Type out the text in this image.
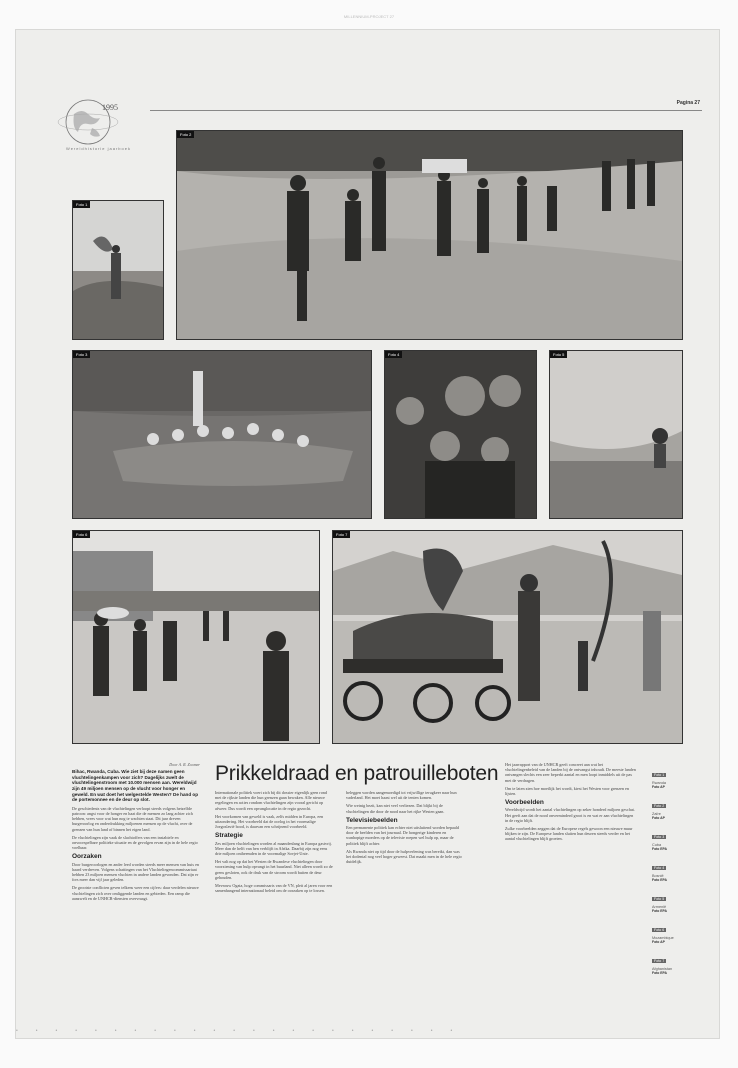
MILLENNIUM-PROJECT 27
1995
Wereldhistorie jaarboek
Pagina 27
Foto 1
Foto 2
Foto 3	Foto 4	Foto 5
Foto 6	Foto 7
Prikkeldraad en patrouilleboten
Door A. R. Zoomer

Bihac, Rwanda, Cuba. Wie ziet bij deze namen geen vluchtelingenkampen voor zich? Dagelijks zwelt de vluchtelingenstroom met 10.000 mensen aan. Wereldwijd zijn 49 miljoen mensen op de vlucht voor honger en geweld. En wat doet het welgestelde Westen? De hand op de portemonnee en de deur op slot.

De geschiedenis van de vluchtelingen verloopt steeds volgens hetzelfde patroon: angst voor de honger en haat die de mensen zo lang achter zich hebben, vrees voor wat hun nog te wachten staat. Dit jaar dreven burgeroorlog en onderdrukking miljoenen mensen op de vlucht, over de grenzen van hun land of binnen het eigen land.

De vluchtelingen zijn vaak de slachtoffers van een instabiele en onvoorspelbare politieke situatie en de gevolgen ervan zijn in de hele regio voelbaar.

Oorzaken

Door burgeroorlogen en ander leed worden steeds meer mensen van huis en haard verdreven. Volgens schattingen van het Vluchtelingencommissariaat hebben 23 miljoen mensen vluchten in andere landen gevonden. Dat zijn er fors meer dan vijf jaar geleden.

De grootste conflicten geven telkens weer een cijfers: daar verdelen nieuwe vluchtelingen zich over omliggende landen en gebieden. Een ramp die aanzwelt en de UNHCR-diensten overvraagt.

Internationale politiek voert zich bij dit dossier eigenlijk geen rond met de rijkste landen die hun grenzen gaan bewaken. Alle nieuwe regelingen en acties rondom vluchtelingen zijn vooral gericht op afweer. Dus wordt een opvanglocatie in de regio gezocht.

Het voorkomen van geweld is vaak, zelfs midden in Europa, een uitzondering. Het voorbeeld dat de oorlog in het voormalige Joegoslavië bood, is daarvan een schrijnend voorbeeld.

Strategie

Zes miljoen vluchtelingen worden al maandenlang in Europa gastvrij. Meer dan de helft van hen verblijft in Afrika. Daarbij zijn nog eens drie miljoen ontheemden in de voormalige Sovjet-Unie.

Het valt nog op dat het Westen de Rwandese vluchtelingen door voorziening van hulp opvangt in het buurland. Niet alleen wordt zo de grens gesloten, ook de druk van de stroom wordt buiten de deur gehouden.

Mevrouw Ogata, hoge commissaris van de VN, pleit al jaren voor een samenhangend internationaal beleid om de oorzaken op te lossen.

beleggen worden aangemoedigd tot vrijwillige terugkeer naar hun vaderland. Het moet haast wel uit de tenten komen.

Wie weinig bezit, kan niet veel verliezen. Dat blijkt bij de vluchtelingen die door de nood naar het rijke Westen gaan.

Televisiebeelden

Een permanente politiek kan echter niet uitsluitend worden bepaald door de beelden van het journaal. De hongerige kinderen en wanhopige moeders op de televisie roepen wel hulp op, maar de politiek blijft achter.

Als Rwanda niet op tijd door de hulpverlening was bereikt, dan was het dodental nog veel hoger geweest. Dat maakt men in de hele regio duidelijk.

Het jaarrapport van de UNHCR geeft concreet aan wat het vluchtelingenbeleid van de landen bij de ontvangst inhoudt. De meeste landen ontvangen slechts een zeer beperkt aantal en men loopt inmiddels uit de pas met de verdragen.

Om te laten zien hoe moeilijk het wordt, kiest het Westen voor grenzen en lijsten.

Voorbeelden

Wereldwijd wordt het aantal vluchtelingen op zeker honderd miljoen geschat. Het geeft aan dat de nood onverminderd groot is en wat er aan vluchtelingen in de regio blijft.

Zulke voorbeelden zeggen dat de Europese regels gewoon een nieuwe muur blijken te zijn. De Europese landen sluiten hun deuren steeds verder en het aantal vluchtelingen blijft groeien.

Foto 1
Rwanda
Foto AP
Foto 2
Zaïre
Foto AP
Foto 3
Cuba
Foto EPA
Foto 4
Bosnië
Foto EPA
Foto 5
Armenië
Foto EPA
Foto 6
Mozambique
Foto AP
Foto 7
Afghanistan
Foto EPA
•••••••••••••••••••••••
